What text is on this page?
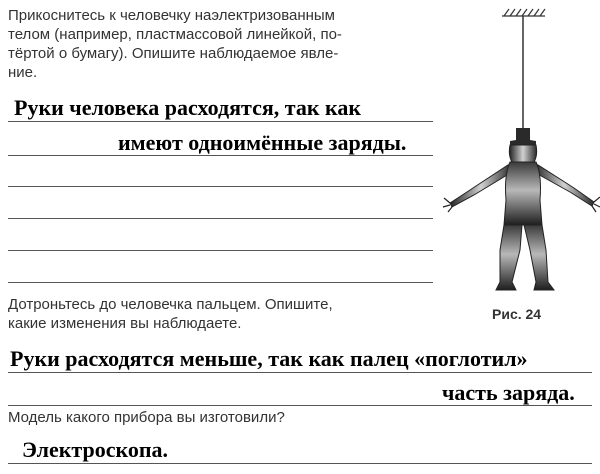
Прикоснитесь к человечку наэлектризованным
телом (например, пластмассовой линейкой, по-
тёртой о бумагу). Опишите наблюдаемое явле-
ние.
Руки человека расходятся, так как
имеют одноимённые заряды.
Дотроньтесь до человечка пальцем. Опишите,
какие изменения вы наблюдаете.
Руки расходятся меньше, так как палец «поглотил»
часть заряда.
Модель какого прибора вы изготовили?
Электроскопа.
Рис. 24
